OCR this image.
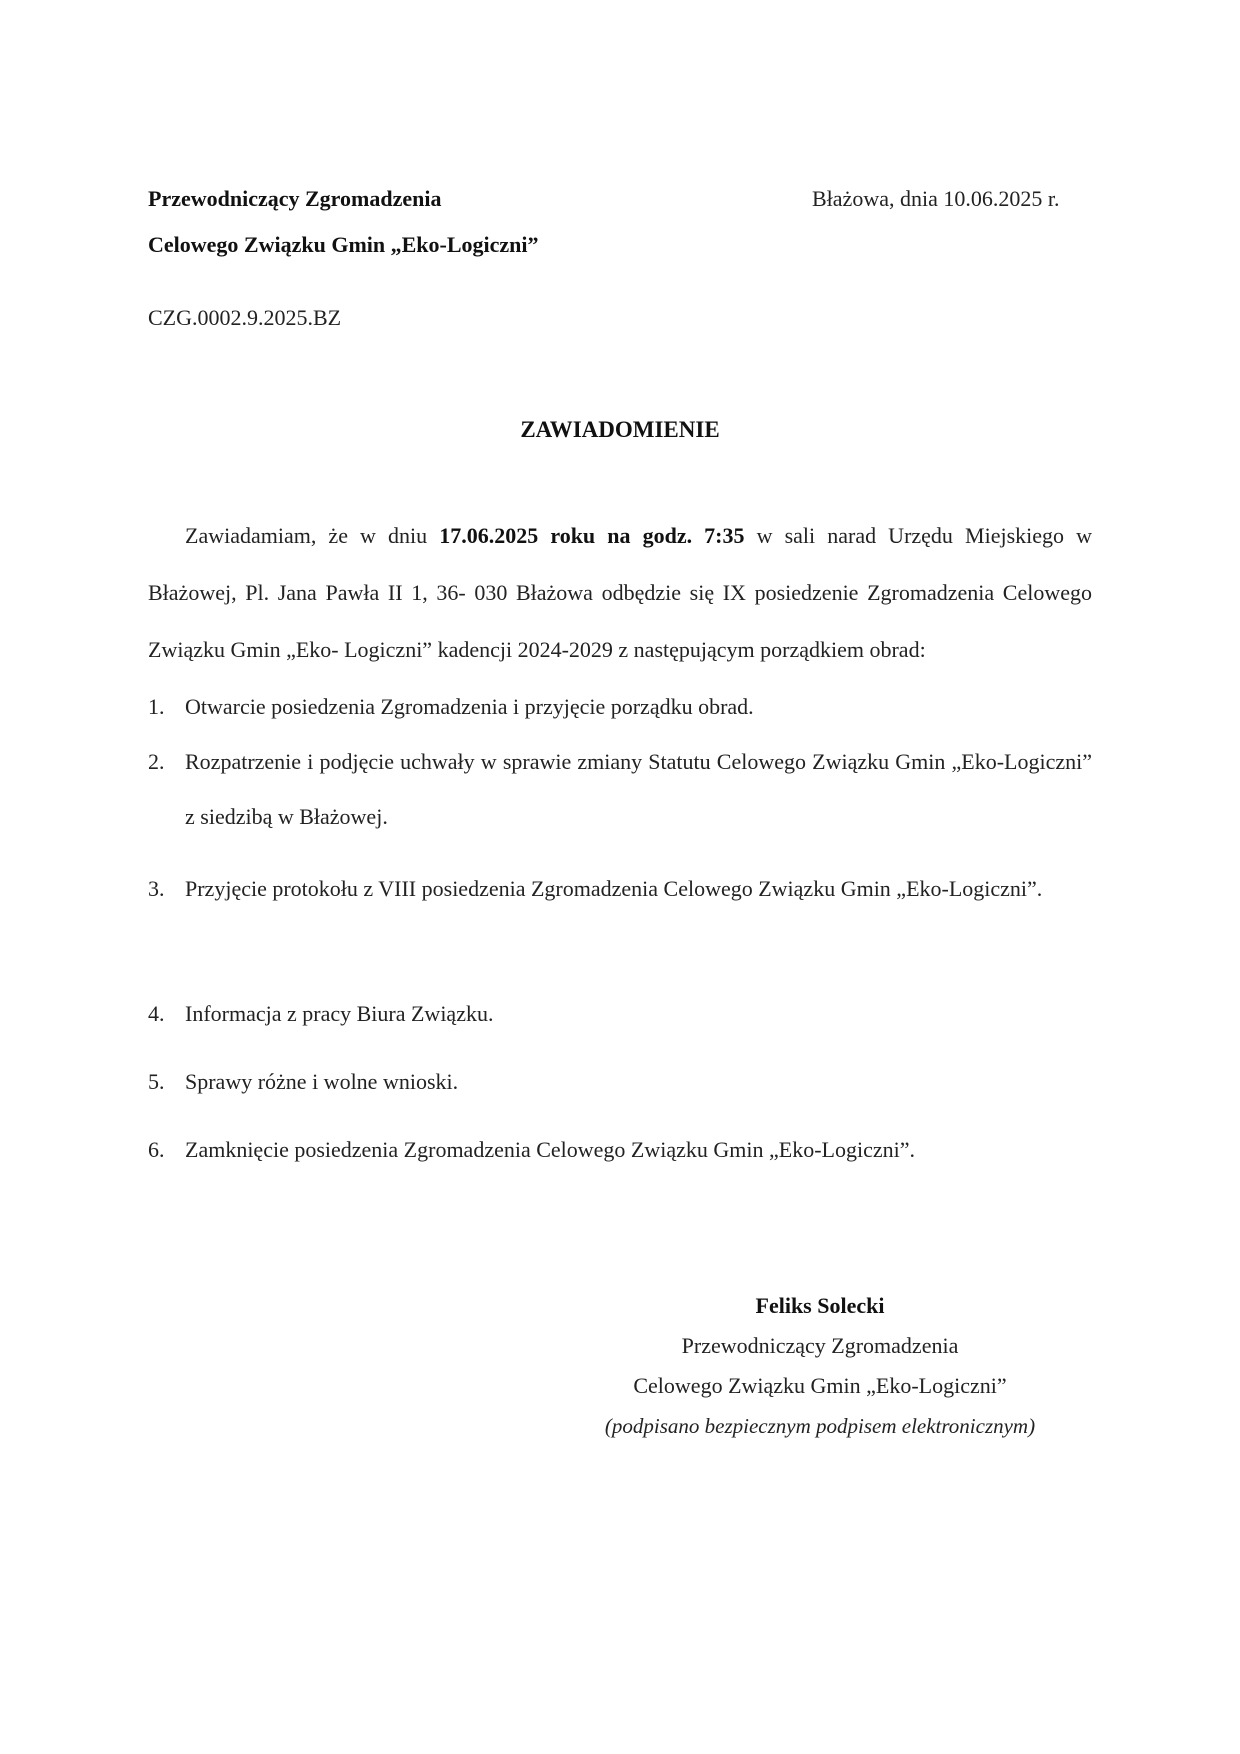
Przewodniczący Zgromadzenia
Celowego Związku Gmin „Eko-Logiczni”
Błażowa, dnia 10.06.2025 r.
CZG.0002.9.2025.BZ
ZAWIADOMIENIE
Zawiadamiam, że w dniu 17.06.2025 roku na godz. 7:35 w sali narad Urzędu Miejskiego w Błażowej, Pl. Jana Pawła II 1, 36- 030 Błażowa odbędzie się IX posiedzenie Zgromadzenia Celowego Związku Gmin „Eko- Logiczni” kadencji 2024-2029 z następującym porządkiem obrad:
1. Otwarcie posiedzenia Zgromadzenia i przyjęcie porządku obrad.
2. Rozpatrzenie i podjęcie uchwały w sprawie zmiany Statutu Celowego Związku Gmin „Eko-Logiczni” z siedzibą w Błażowej.
3. Przyjęcie protokołu z VIII posiedzenia Zgromadzenia Celowego Związku Gmin „Eko-Logiczni”.
4. Informacja z pracy Biura Związku.
5. Sprawy różne i wolne wnioski.
6. Zamknięcie posiedzenia Zgromadzenia Celowego Związku Gmin „Eko-Logiczni”.
Feliks Solecki
Przewodniczący Zgromadzenia
Celowego Związku Gmin „Eko-Logiczni”
(podpisano bezpiecznym podpisem elektronicznym)
